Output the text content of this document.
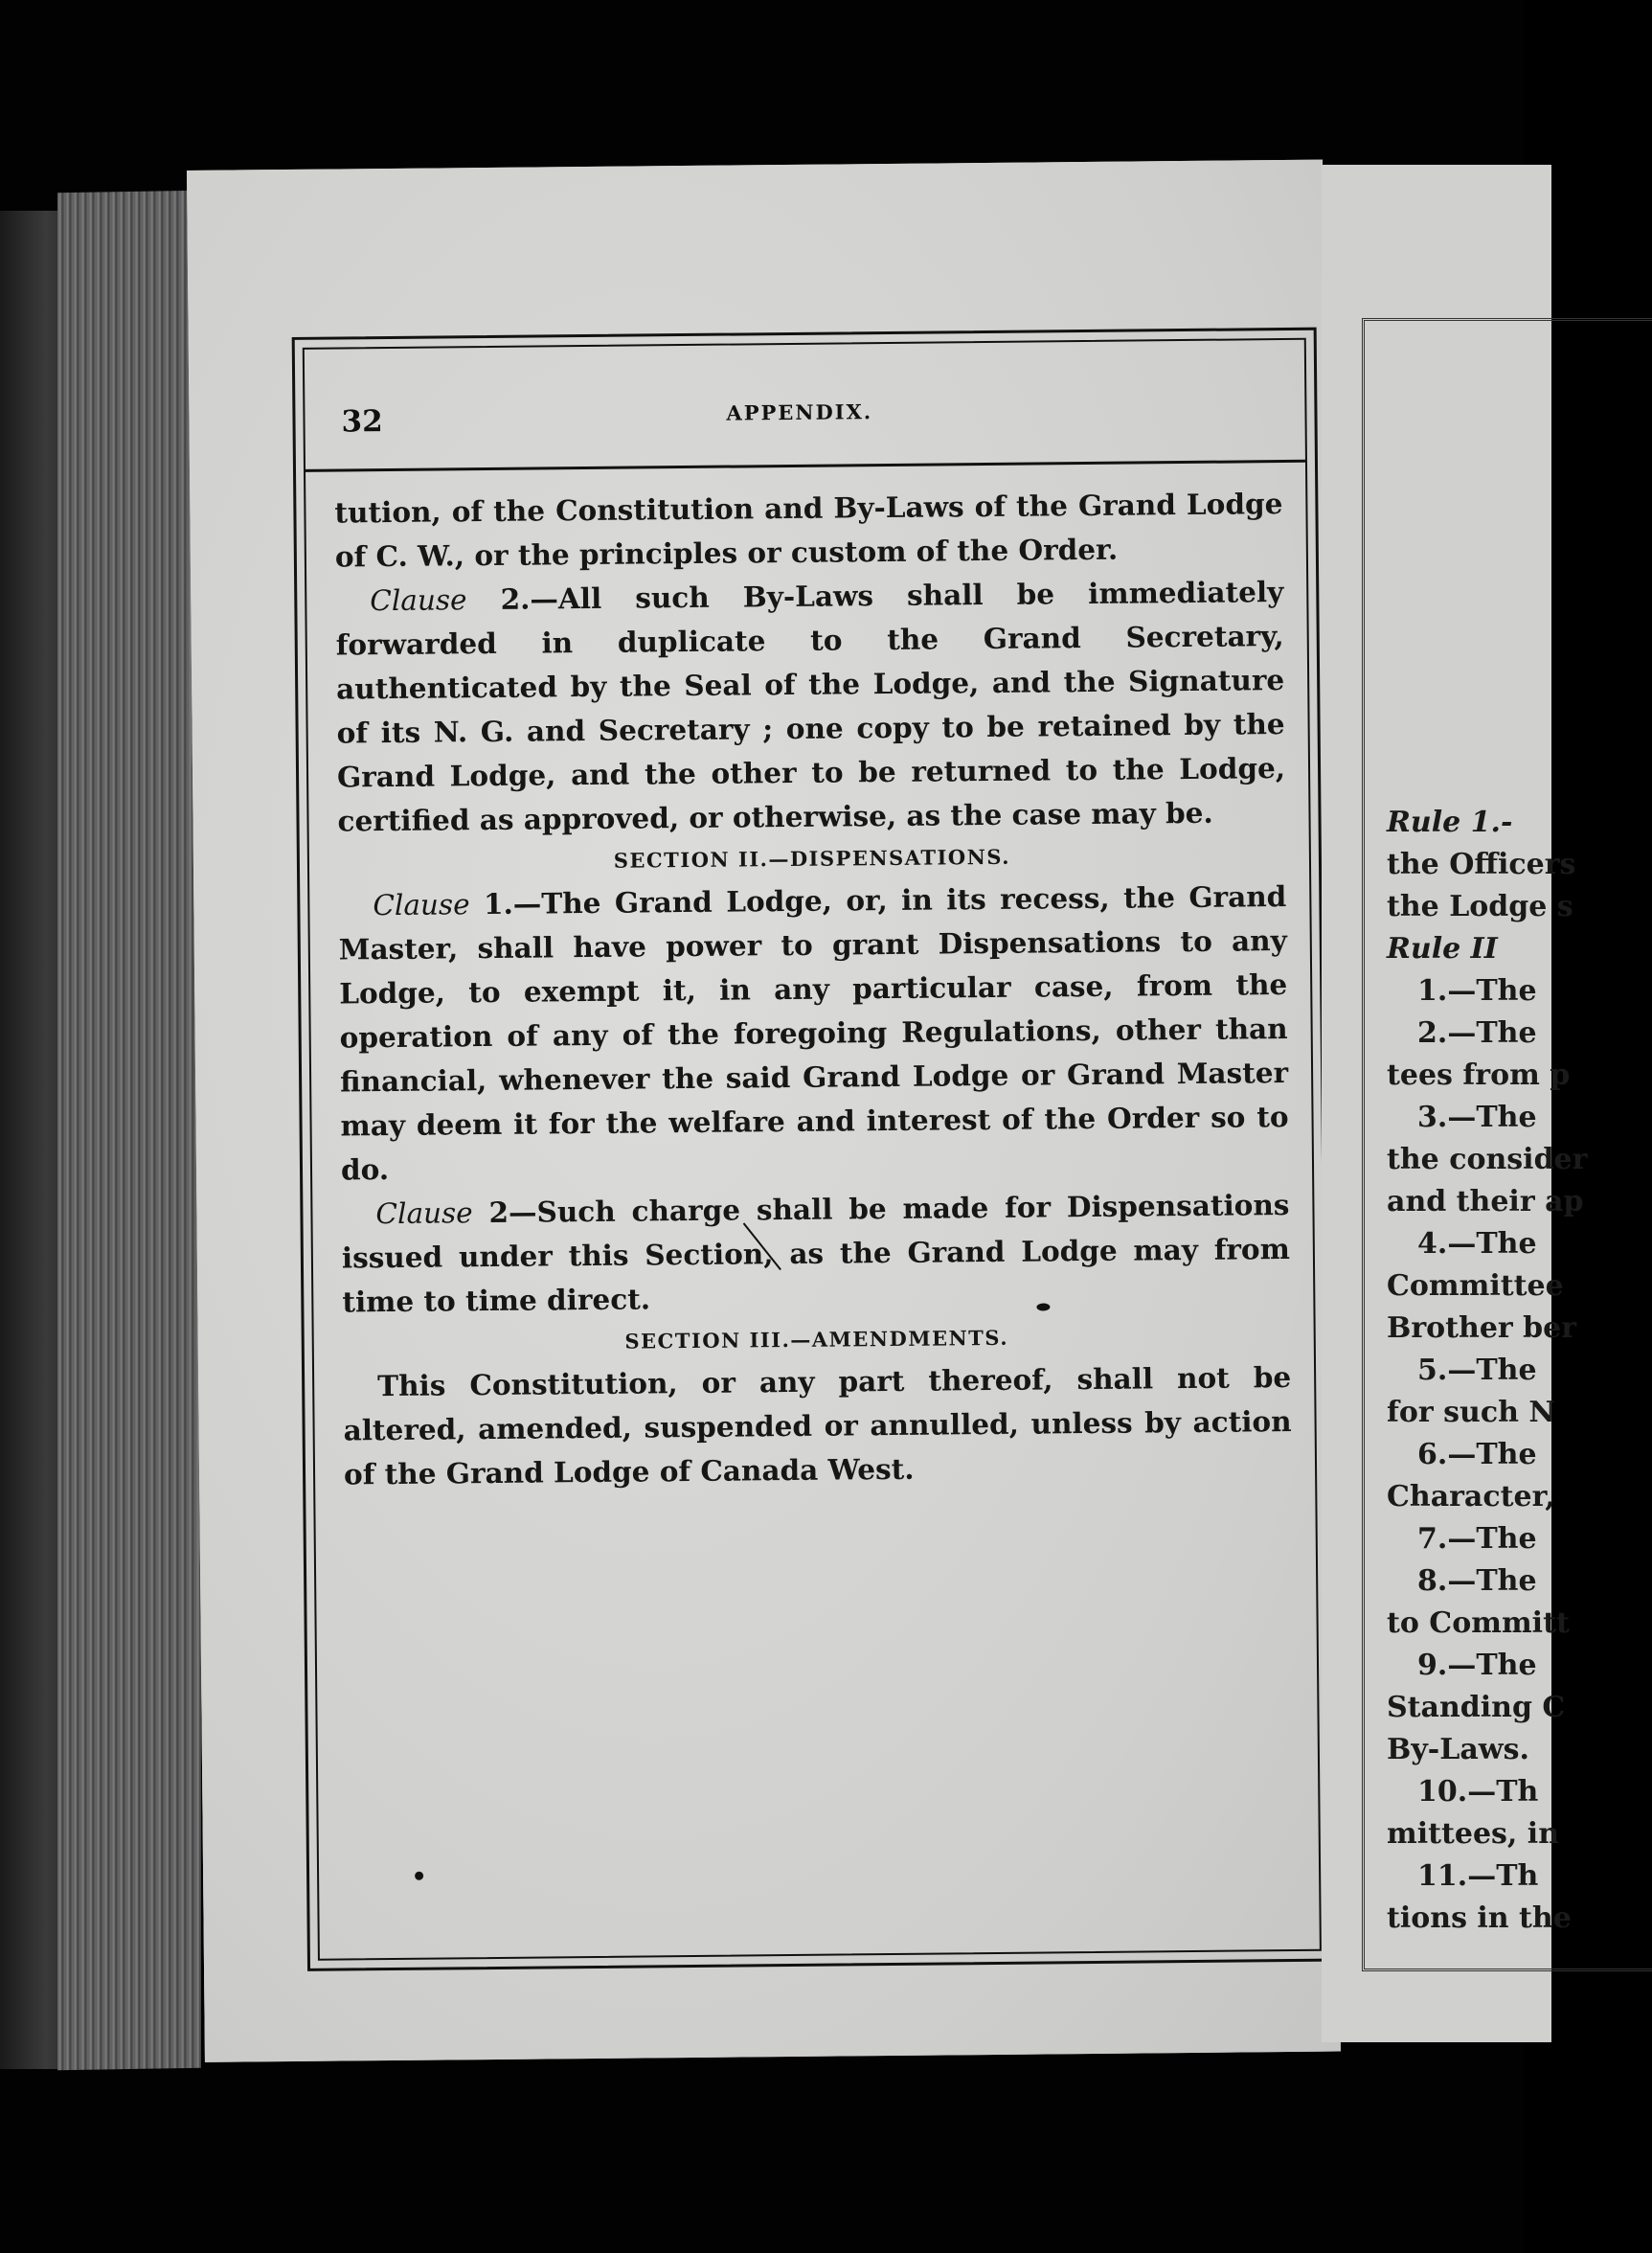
32	APPENDIX.

tution, of the Constitution and By-Laws of the Grand Lodge of C. W., or the principles or custom of the Order.

Clause 2.—All such By-Laws shall be immediately forwarded in duplicate to the Grand Secretary, authenticated by the Seal of the Lodge, and the Signature of its N. G. and Secretary ; one copy to be retained by the Grand Lodge, and the other to be returned to the Lodge, certified as approved, or otherwise, as the case may be.

SECTION II.—DISPENSATIONS.

Clause 1.—The Grand Lodge, or, in its recess, the Grand Master, shall have power to grant Dispensations to any Lodge, to exempt it, in any particular case, from the operation of any of the foregoing Regulations, other than financial, whenever the said Grand Lodge or Grand Master may deem it for the welfare and interest of the Order so to do.

Clause 2—Such charge shall be made for Dispensations issued under this Section, as the Grand Lodge may from time to time direct.

SECTION III.—AMENDMENTS.

This Constitution, or any part thereof, shall not be altered, amended, suspended or annulled, unless by action of the Grand Lodge of Canada West.

Rule 1.-
the Officers
the Lodge s
Rule II
1.—The
2.—The
tees from p
3.—The
the consider
and their ap
4.—The
Committee
Brother ber
5.—The
for such N
6.—The
Character,
7.—The
8.—The
to Committ
9.—The
Standing C
By-Laws.
10.—Th
mittees, in
11.—Th
tions in the
